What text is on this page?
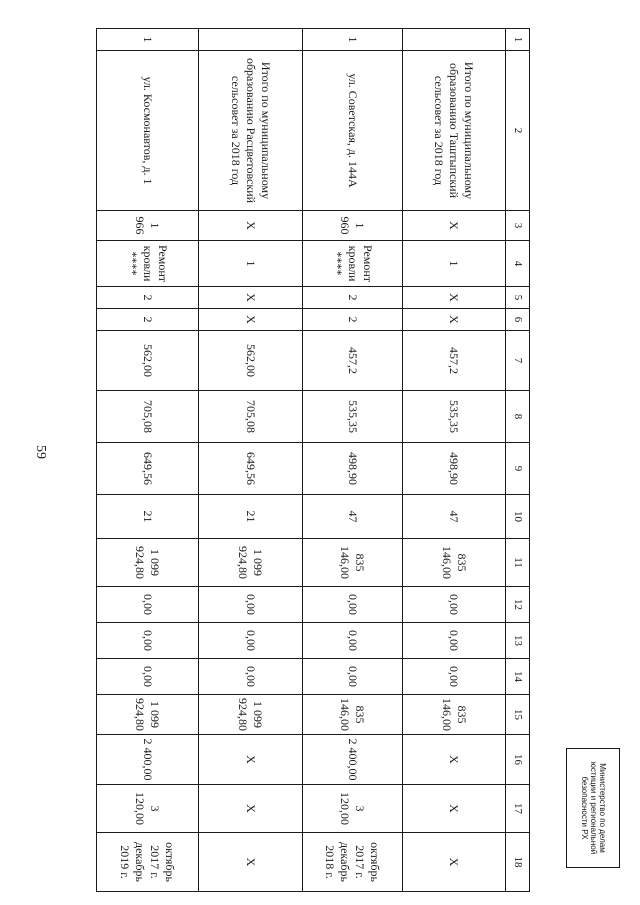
59
1	2	3	4	5	6	7	8	9	10	11	12	13	14	15	16	17	18
	Итого по муниципальному образованию Таштыпский сельсовет за 2018 год	X	1	X	X	457,2	535,35	498,90	47	835 146,00	0,00	0,00	0,00	835 146,00	X	X	X
1	ул. Советская, д. 144А	1 960	Ремонт кровли ****	2	2	457,2	535,35	498,90	47	835 146,00	0,00	0,00	0,00	835 146,00	2 400,00	3 120,00	октябрь 2017 г. декабрь 2018 г.
	Итого по муниципальному образованию Расцветовский сельсовет за 2018 год	X	1	X	X	562,00	705,08	649,56	21	1 099 924,80	0,00	0,00	0,00	1 099 924,80	X	X	X
1	ул. Космонавтов, д. 1	1 966	Ремонт кровли ****	2	2	562,00	705,08	649,56	21	1 099 924,80	0,00	0,00	0,00	1 099 924,80	2 400,00	3 120,00	октябрь 2017 г. декабрь 2019 г.
Министерство по делам юстиции и региональной безопасности РХ
